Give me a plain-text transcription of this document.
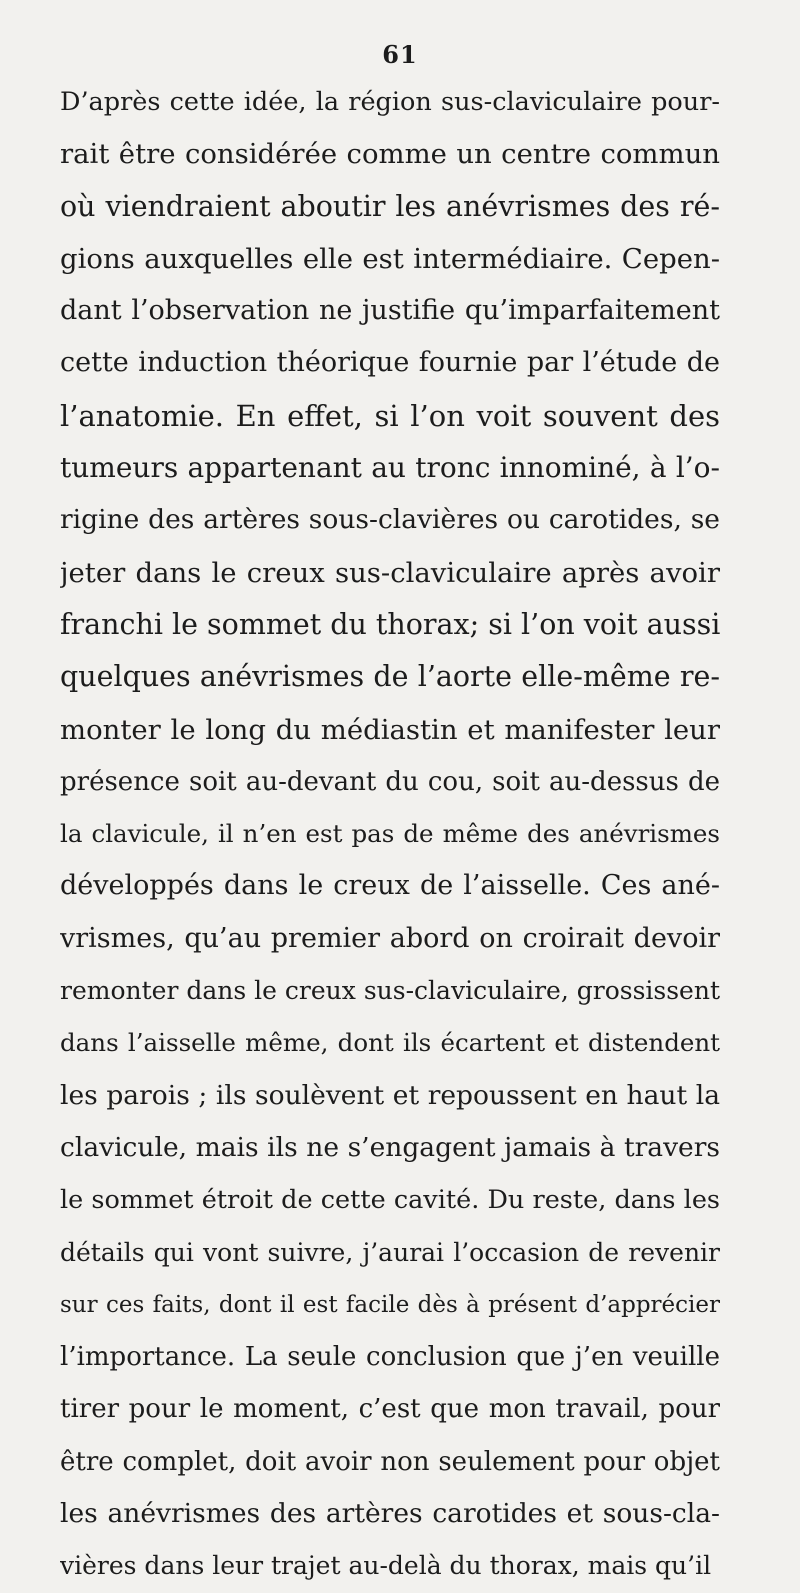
61
D’après cette idée, la région sus-claviculaire pour-
rait être considérée comme un centre commun
où viendraient aboutir les anévrismes des ré-
gions auxquelles elle est intermédiaire. Cepen-
dant l’observation ne justifie qu’imparfaitement
cette induction théorique fournie par l’étude de
l’anatomie. En effet, si l’on voit souvent des
tumeurs appartenant au tronc innominé, à l’o-
rigine des artères sous-clavières ou carotides, se
jeter dans le creux sus-claviculaire après avoir
franchi le sommet du thorax; si l’on voit aussi
quelques anévrismes de l’aorte elle-même re-
monter le long du médiastin et manifester leur
présence soit au-devant du cou, soit au-dessus de
la clavicule, il n’en est pas de même des anévrismes
développés dans le creux de l’aisselle. Ces ané-
vrismes, qu’au premier abord on croirait devoir
remonter dans le creux sus-claviculaire, grossissent
dans l’aisselle même, dont ils écartent et distendent
les parois ; ils soulèvent et repoussent en haut la
clavicule, mais ils ne s’engagent jamais à travers
le sommet étroit de cette cavité. Du reste, dans les
détails qui vont suivre, j’aurai l’occasion de revenir
sur ces faits, dont il est facile dès à présent d’apprécier
l’importance. La seule conclusion que j’en veuille
tirer pour le moment, c’est que mon travail, pour
être complet, doit avoir non seulement pour objet
les anévrismes des artères carotides et sous-cla-
vières dans leur trajet au-delà du thorax, mais qu’il
